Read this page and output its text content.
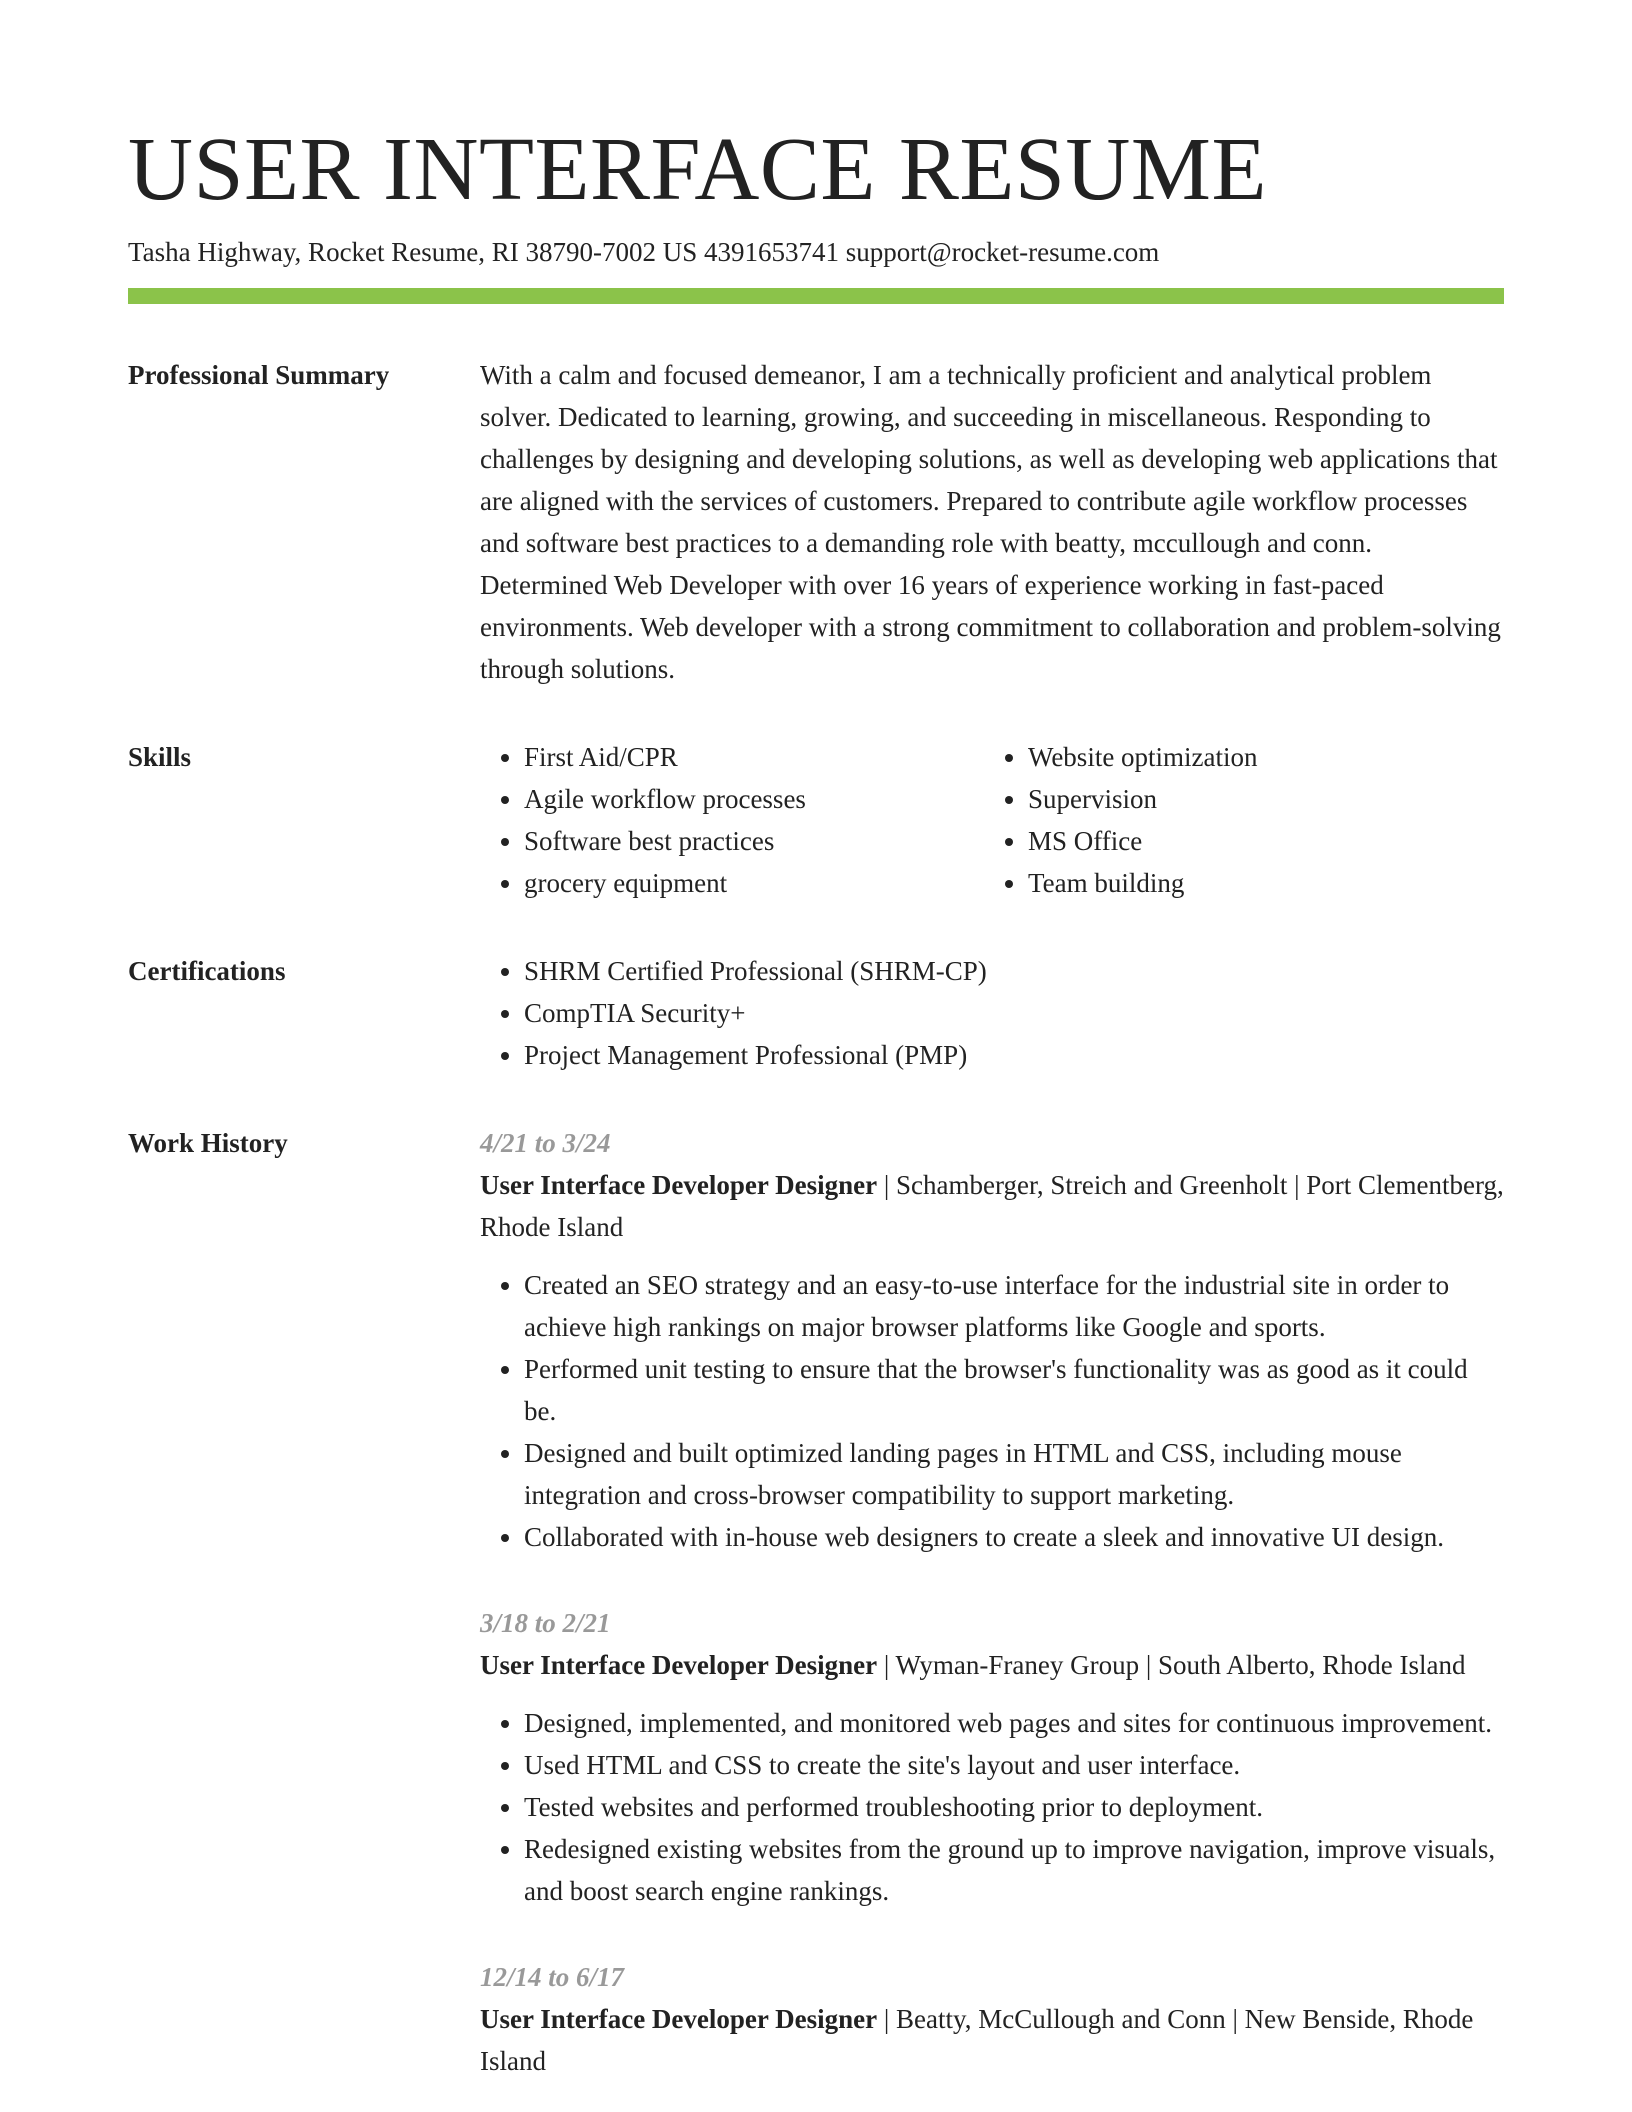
USER INTERFACE RESUME
Tasha Highway, Rocket Resume, RI 38790-7002 US 4391653741 support@rocket-resume.com
Professional Summary	With a calm and focused demeanor, I am a technically proficient and analytical problem solver. Dedicated to learning, growing, and succeeding in miscellaneous. Responding to challenges by designing and developing solutions, as well as developing web applications that are aligned with the services of customers. Prepared to contribute agile workflow processes and software best practices to a demanding role with beatty, mccullough and conn. Determined Web Developer with over 16 years of experience working in fast-paced environments. Web developer with a strong commitment to collaboration and problem-solving through solutions.

Skills	• First Aid/CPR
• Agile workflow processes
• Software best practices
• grocery equipment
• Website optimization
• Supervision
• MS Office
• Team building
Certifications	• SHRM Certified Professional (SHRM-CP)
• CompTIA Security+
• Project Management Professional (PMP)
Work History	4/21 to 3/24
User Interface Developer Designer | Schamberger, Streich and Greenholt | Port Clementberg, Rhode Island
• Created an SEO strategy and an easy-to-use interface for the industrial site in order to achieve high rankings on major browser platforms like Google and sports.
• Performed unit testing to ensure that the browser's functionality was as good as it could be.
• Designed and built optimized landing pages in HTML and CSS, including mouse integration and cross-browser compatibility to support marketing.
• Collaborated with in-house web designers to create a sleek and innovative UI design.
3/18 to 2/21
User Interface Developer Designer | Wyman-Franey Group | South Alberto, Rhode Island
• Designed, implemented, and monitored web pages and sites for continuous improvement.
• Used HTML and CSS to create the site's layout and user interface.
• Tested websites and performed troubleshooting prior to deployment.
• Redesigned existing websites from the ground up to improve navigation, improve visuals, and boost search engine rankings.
12/14 to 6/17
User Interface Developer Designer | Beatty, McCullough and Conn | New Benside, Rhode Island
